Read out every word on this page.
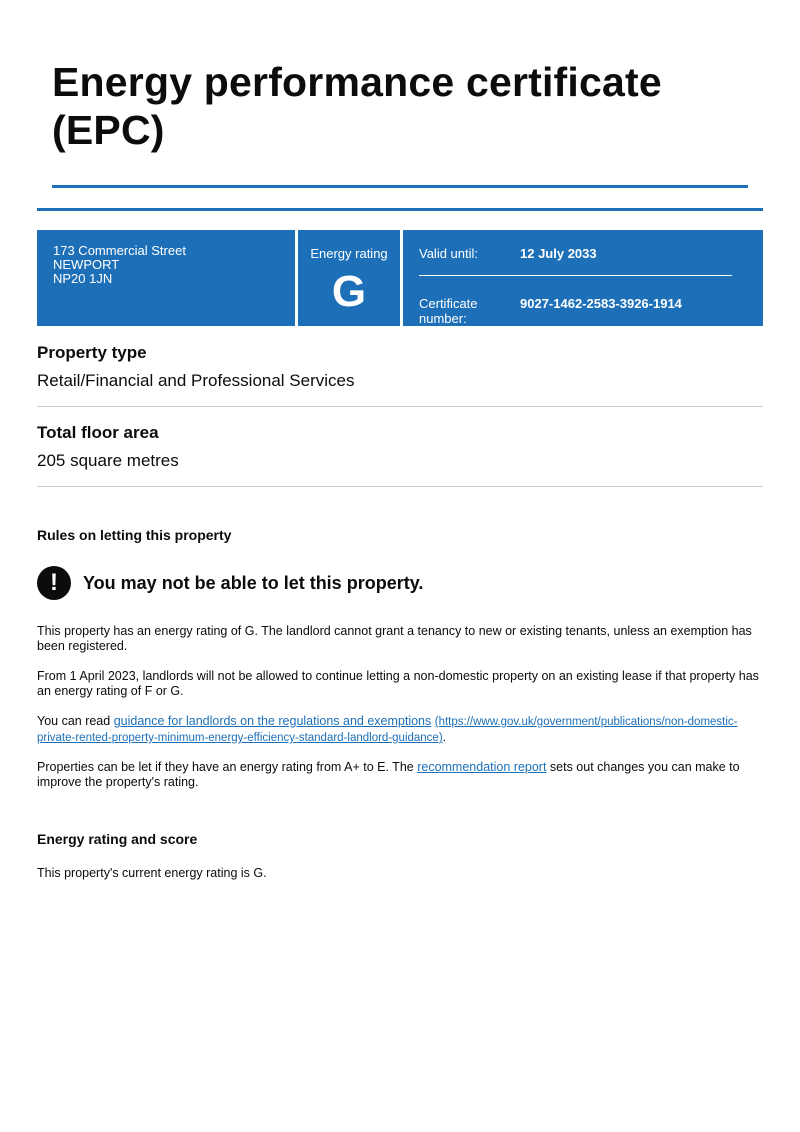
Energy performance certificate
(EPC)
173 Commercial Street
NEWPORT
NP20 1JN
Energy rating
G
Valid until:	12 July 2033
Certificate number:
9027-1462-2583-3926-1914
Property type

Retail/Financial and Professional Services

Total floor area

205 square metres

Rules on letting this property
!	You may not be able to let this property.

This property has an energy rating of G. The landlord cannot grant a tenancy to new or existing tenants, unless an exemption has been registered.

From 1 April 2023, landlords will not be allowed to continue letting a non-domestic property on an existing lease if that property has an energy rating of F or G.

You can read guidance for landlords on the regulations and exemptions (https://www.gov.uk/government/publications/non-domestic-private-rented-property-minimum-energy-efficiency-standard-landlord-guidance).

Properties can be let if they have an energy rating from A+ to E. The recommendation report sets out changes you can make to improve the property's rating.

Energy rating and score

This property's current energy rating is G.
